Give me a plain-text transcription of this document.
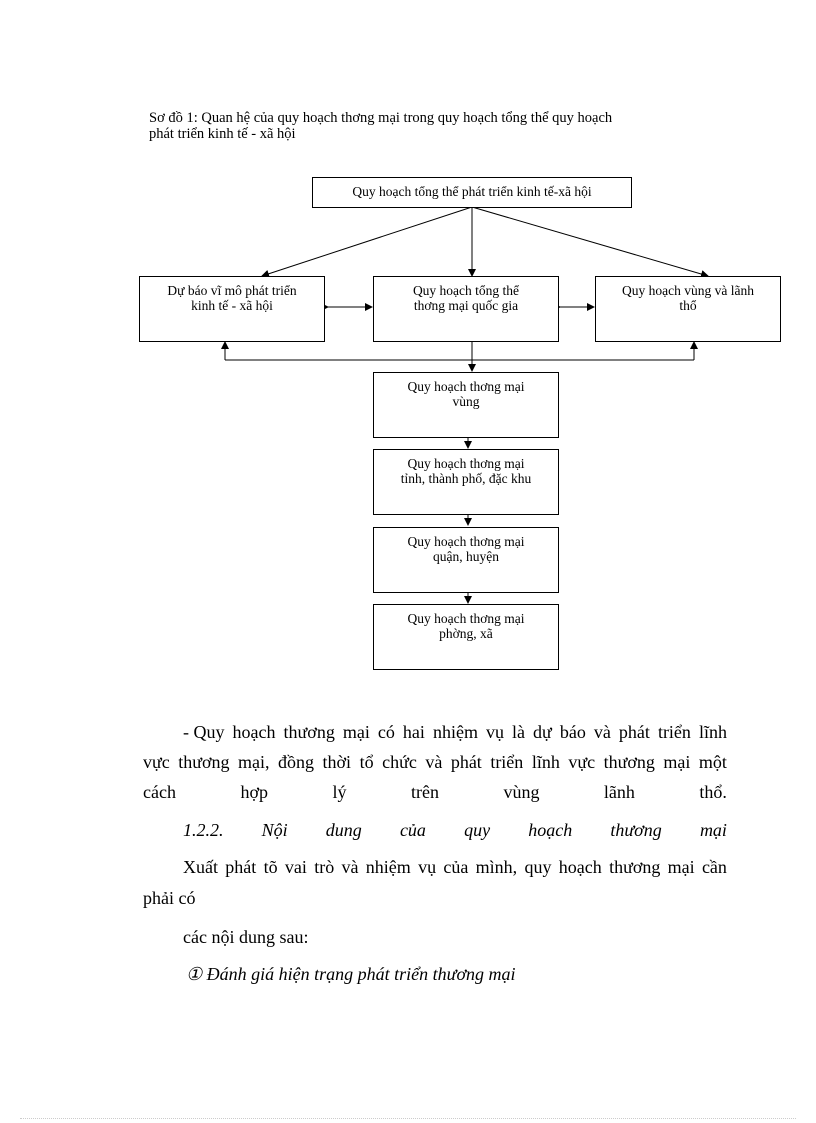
Sơ đồ 1: Quan hệ của quy hoạch thơng mại trong quy hoạch tổng thể quy hoạch
phát triển kinh tế - xã hội
Quy hoạch tổng thể phát triển kinh tế-xã hội
Dự báo vĩ mô phát triển
kinh tế - xã hội
Quy hoạch tổng thể
thơng mại quốc gia
Quy hoạch vùng và lãnh
thổ
Quy hoạch thơng mại
vùng
Quy hoạch thơng mại
tỉnh, thành phố, đặc khu
Quy hoạch thơng mại
quận, huyện
Quy hoạch thơng mại
phờng, xã
- Quy hoạch thương mại có hai nhiệm vụ là dự báo và phát triển lĩnh
vực thương mại, đồng thời tổ chức và phát triển lĩnh vực thương mại một
cách	hợp	lý	trên	vùng	lãnh	thổ.
1.2.2. Nội dung của quy hoạch thương mại
Xuất phát tõ vai trò và nhiệm vụ của mình, quy hoạch thương mại cần
phải có
các nội dung sau:
① Đánh giá hiện trạng phát triển thương mại
